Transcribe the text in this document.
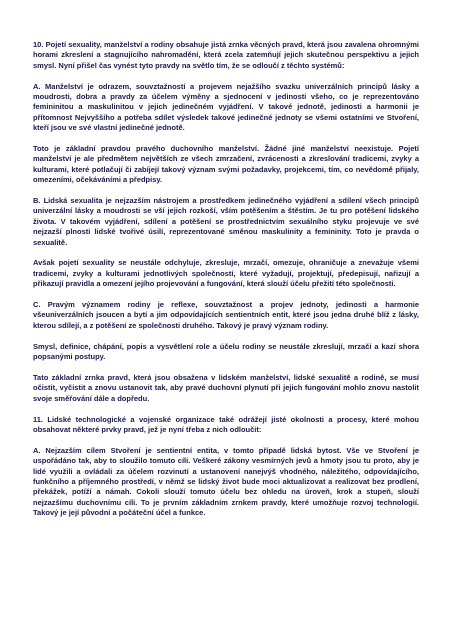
10. Pojetí sexuality, manželství a rodiny obsahuje jistá zrnka věcných pravd, která jsou zavalena ohromnými horami zkreslení a stagnujícího nahromadění, která zcela zatemňují jejich skutečnou perspektivu a jejich smysl. Nyní přišel čas vynést tyto pravdy na světlo tím, že se odloučí z těchto systémů:

A. Manželství je odrazem, souvztažností a projevem nejažšího svazku univerzálních principů lásky a moudrosti, dobra a pravdy za účelem výměny a sjednocení v jedinosti všeho, co je reprezentováno femininitou a maskulinitou v jejich jedinečném vyjádření. V takové jednotě, jedinosti a harmonii je přítomnost Nejvyššího a potřeba sdílet výsledek takové jedinečné jednoty se všemi ostatními ve Stvoření, kteří jsou ve své vlastní jedinečné jednotě.

Toto je základní pravdou pravého duchovního manželství. Žádné jiné manželství neexistuje. Pojetí manželství je ale předmětem největších ze všech zmrzačení, zvrácenosti a zkreslování tradicemi, zvyky a kulturami, které potlačují či zabíjejí takový význam svými požadavky, projekcemi, tím, co nevědomě přijaly, omezeními, očekáváními a předpisy.

B. Lidská sexualita je nejzazším nástrojem a prostředkem jedinečného vyjádření a sdílení všech principů univerzální lásky a moudrosti se vší jejich rozkoší, vším potěšením a štěstím. Je tu pro potěšení lidského života. V takovém vyjádření, sdílení a potěšení se prostřednictvím sexuálního styku projevuje ve své nejzazší plnosti lidské tvořivé úsilí, reprezentované směnou maskulinity a femininity. Toto je pravda o sexualitě.

Avšak pojetí sexuality se neustále odchyluje, zkresluje, mrzačí, omezuje, ohraničuje a znevažuje všemi tradicemi, zvyky a kulturami jednotlivých společností, které vyžadují, projektují, předepisují, nařizují a přikazují pravidla a omezení jejího projevování a fungování, která slouží účelu přežití této společnosti.

C. Pravým významem rodiny je reflexe, souvztažnost a projev jednoty, jedinosti a harmonie všeuniverzálních jsoucen a bytí a jim odpovídajících sentientních entit, které jsou jedna druhé blíž z lásky, kterou sdílejí, a z potěšení ze společnosti druhého. Takový je pravý význam rodiny.

Smysl, definice, chápání, popis a vysvětlení role a účelu rodiny se neustále zkreslují, mrzačí a kazí shora popsanými postupy.

Tato základní zrnka pravd, která jsou obsažena v lidském manželství, lidské sexualitě a rodině, se musí očistit, vyčistit a znovu ustanovit tak, aby pravé duchovní plynutí při jejich fungování mohlo znovu nastolit svoje směřování dále a dopředu.

11. Lidské technologické a vojenské organizace také odrážejí jisté okolnosti a procesy, které mohou obsahovat některé prvky pravd, jež je nyní třeba z nich odloučit:

A. Nejzazším cílem Stvoření je sentientní entita, v tomto případě lidská bytost. Vše ve Stvoření je uspořádáno tak, aby to sloužilo tomuto cíli. Veškeré zákony vesmírných jevů a hmoty jsou tu proto, aby je lidé využili a ovládali za účelem rozvinutí a ustanovení nanejvýš vhodného, náležitého, odpovídajícího, funkčního a příjemného prostředí, v němž se lidský život bude moci aktualizovat a realizovat bez prodlení, překážek, potíží a námah. Cokoli slouží tomuto účelu bez ohledu na úroveň, krok a stupeň, slouží nejzazšímu duchovnímu cíli. To je prvním základním zrnkem pravdy, které umožňuje rozvoj technologií. Takový je její původní a počáteční účel a funkce.
